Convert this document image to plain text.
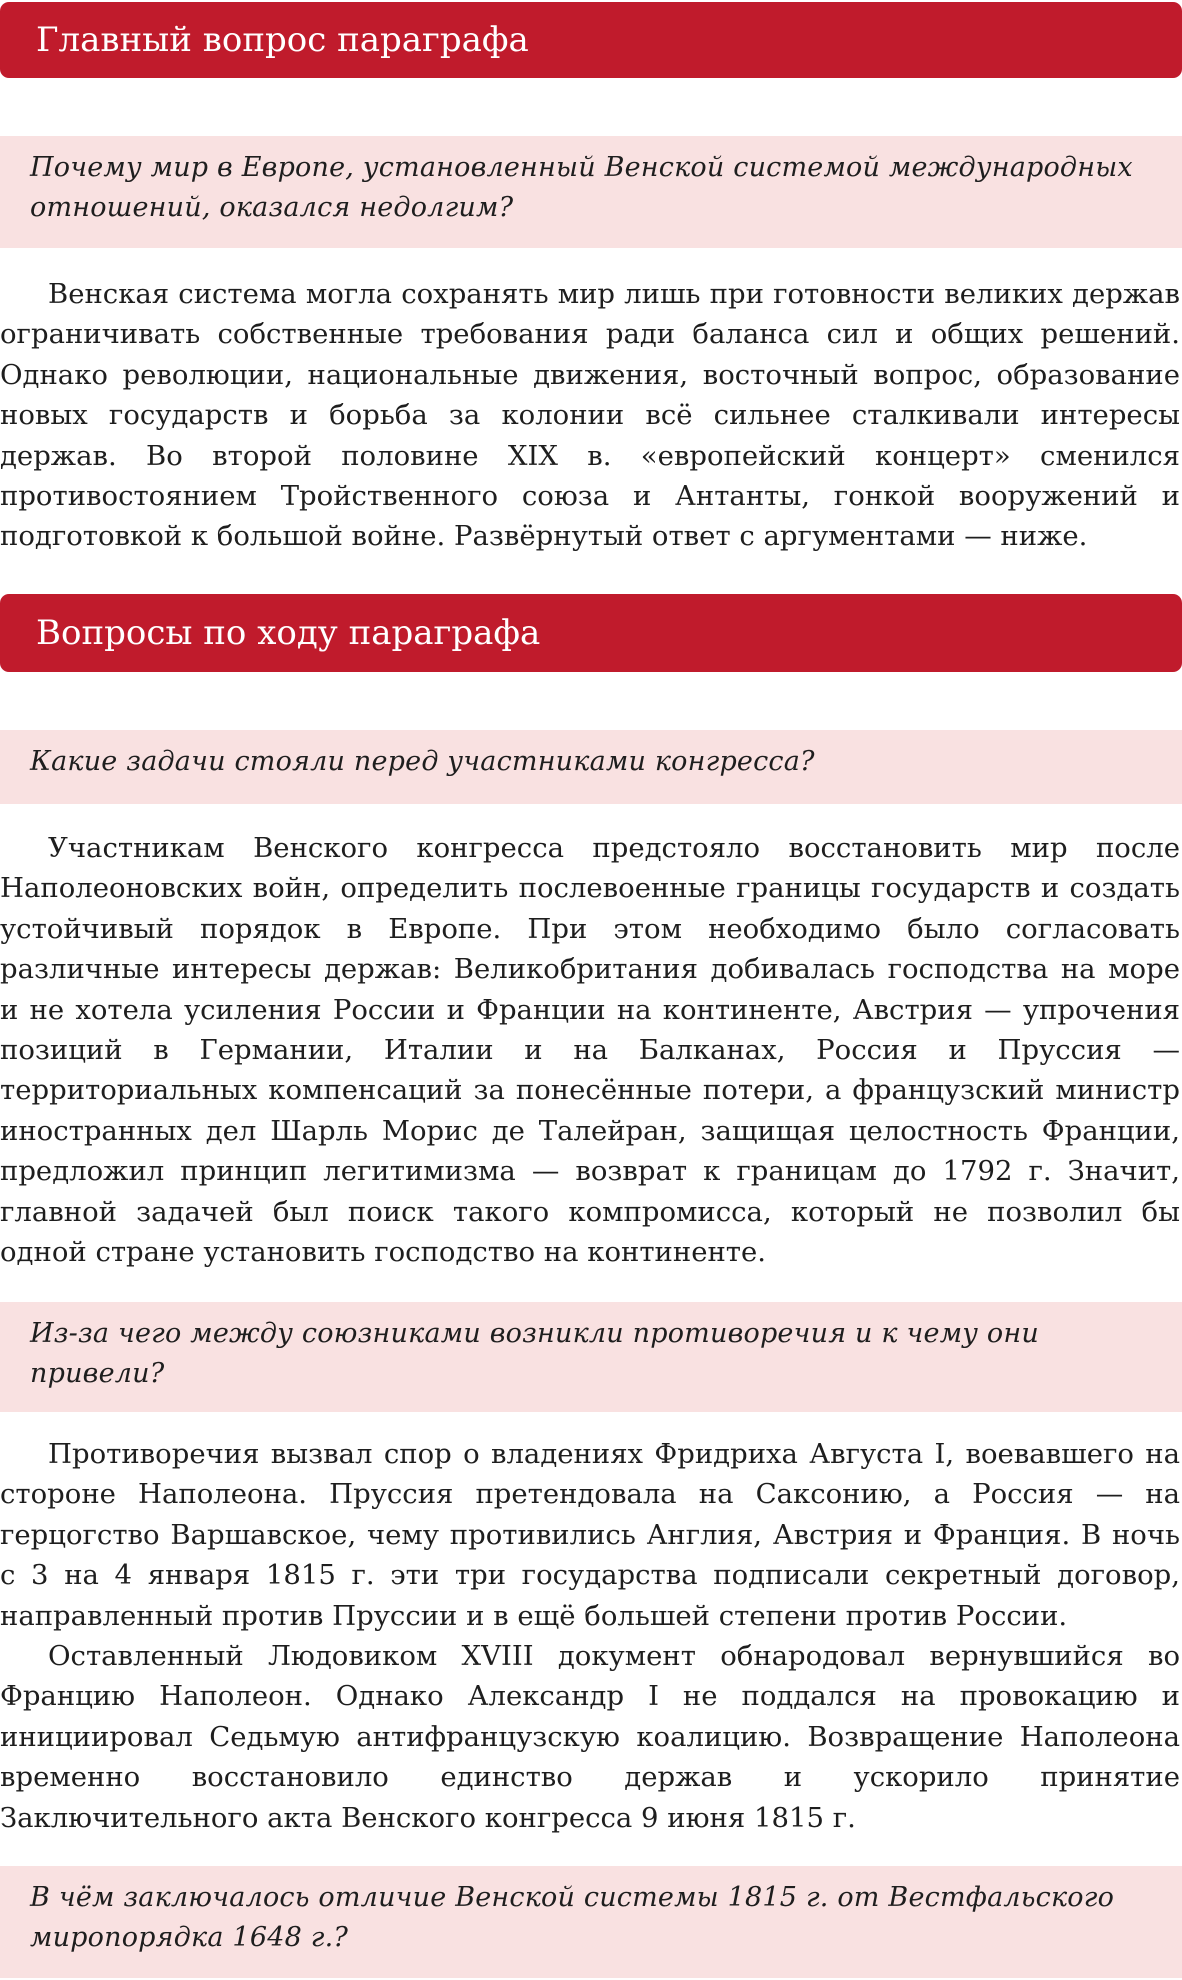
Главный вопрос параграфа
Почему мир в Европе, установленный Венской системой международных отношений, оказался недолгим?

Венская система могла сохранять мир лишь при готовности великих держав ограничивать собственные требования ради баланса сил и общих решений. Однако революции, национальные движения, восточный вопрос, образование новых государств и борьба за колонии всё сильнее сталкивали интересы держав. Во второй половине XIX в. «европейский концерт» сменился противостоянием Тройственного союза и Антанты, гонкой вооружений и подготовкой к большой войне. Развёрнутый ответ с аргументами — ниже.

Вопросы по ходу параграфа
Какие задачи стояли перед участниками конгресса?

Участникам Венского конгресса предстояло восстановить мир после Наполеоновских войн, определить послевоенные границы государств и создать устойчивый порядок в Европе. При этом необходимо было согласовать различные интересы держав: Великобритания добивалась господства на море и не хотела усиления России и Франции на континенте, Австрия — упрочения позиций в Германии, Италии и на Балканах, Россия и Пруссия — территориальных компенсаций за понесённые потери, а французский министр иностранных дел Шарль Морис де Талейран, защищая целостность Франции, предложил принцип легитимизма — возврат к границам до 1792 г. Значит, главной задачей был поиск такого компромисса, который не позволил бы одной стране установить господство на континенте.

Из-за чего между союзниками возникли противоречия и к чему они привели?

Противоречия вызвал спор о владениях Фридриха Августа I, воевавшего на стороне Наполеона. Пруссия претендовала на Саксонию, а Россия — на герцогство Варшавское, чему противились Англия, Австрия и Франция. В ночь с 3 на 4 января 1815 г. эти три государства подписали секретный договор, направленный против Пруссии и в ещё большей степени против России.

Оставленный Людовиком XVIII документ обнародовал вернувшийся во Францию Наполеон. Однако Александр I не поддался на провокацию и инициировал Седьмую антифранцузскую коалицию. Возвращение Наполеона временно восстановило единство держав и ускорило принятие Заключительного акта Венского конгресса 9 июня 1815 г.

В чём заключалось отличие Венской системы 1815 г. от Вестфальского миропорядка 1648 г.?
